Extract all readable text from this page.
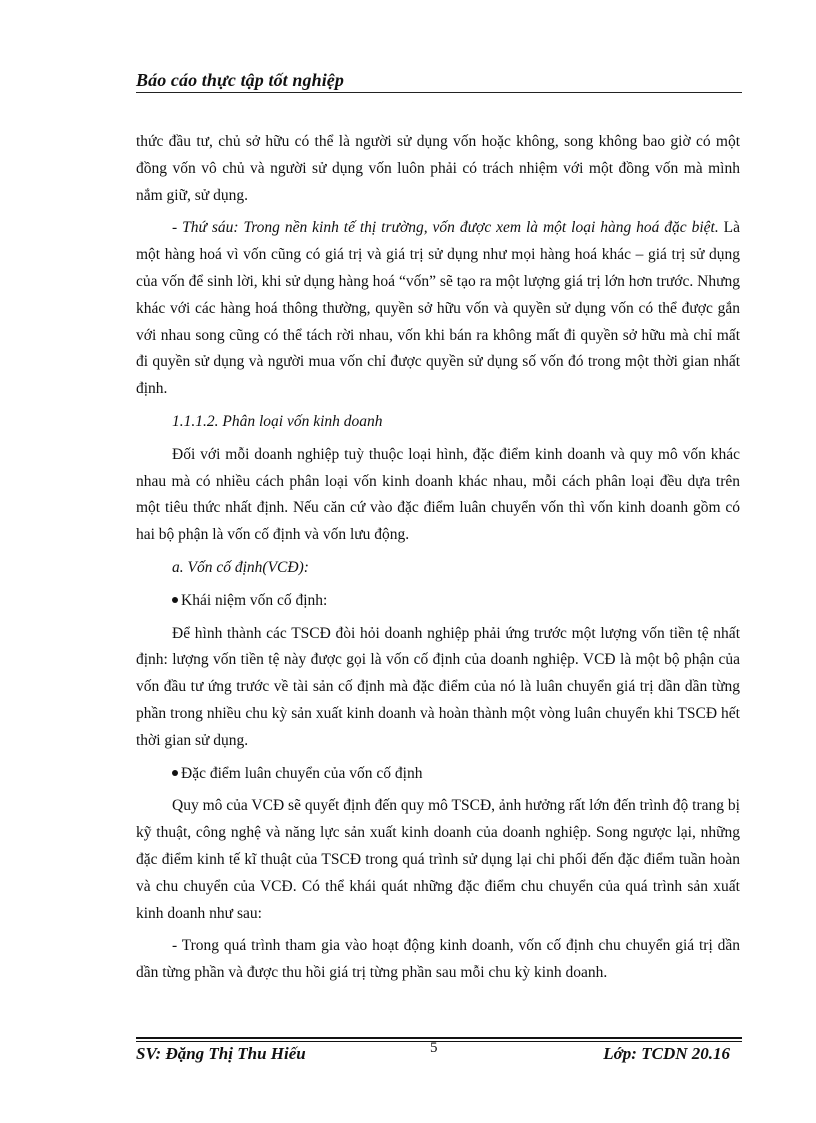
Báo cáo thực tập tốt nghiệp

thức đầu tư, chủ sở hữu có thể là người sử dụng vốn hoặc không, song không bao giờ có một đồng vốn vô chủ và người sử dụng vốn luôn phải có trách nhiệm với một đồng vốn mà mình nắm giữ, sử dụng.

- Thứ sáu: Trong nền kinh tế thị trường, vốn được xem là một loại hàng hoá đặc biệt. Là một hàng hoá vì vốn cũng có giá trị và giá trị sử dụng như mọi hàng hoá khác – giá trị sử dụng của vốn để sinh lời, khi sử dụng hàng hoá “vốn” sẽ tạo ra một lượng giá trị lớn hơn trước. Nhưng khác với các hàng hoá thông thường, quyền sở hữu vốn và quyền sử dụng vốn có thể được gắn với nhau song cũng có thể tách rời nhau, vốn khi bán ra không mất đi quyền sở hữu mà chỉ mất đi quyền sử dụng và người mua vốn chỉ được quyền sử dụng số vốn đó trong một thời gian nhất định.

1.1.1.2. Phân loại vốn kinh doanh

Đối với mỗi doanh nghiệp tuỳ thuộc loại hình, đặc điểm kinh doanh và quy mô vốn khác nhau mà có nhiều cách phân loại vốn kinh doanh khác nhau, mỗi cách phân loại đều dựa trên một tiêu thức nhất định. Nếu căn cứ vào đặc điểm luân chuyển vốn thì vốn kinh doanh gồm có hai bộ phận là vốn cố định và vốn lưu động.

a. Vốn cố định(VCĐ):

Khái niệm vốn cố định:

Để hình thành các TSCĐ đòi hỏi doanh nghiệp phải ứng trước một lượng vốn tiền tệ nhất định: lượng vốn tiền tệ này được gọi là vốn cố định của doanh nghiệp. VCĐ là một bộ phận của vốn đầu tư ứng trước về tài sản cố định mà đặc điểm của nó là luân chuyển giá trị dần dần từng phần trong nhiều chu kỳ sản xuất kinh doanh và hoàn thành một vòng luân chuyển khi TSCĐ hết thời gian sử dụng.

Đặc điểm luân chuyển của vốn cố định

Quy mô của VCĐ sẽ quyết định đến quy mô TSCĐ, ảnh hưởng rất lớn đến trình độ trang bị kỹ thuật, công nghệ và năng lực sản xuất kinh doanh của doanh nghiệp. Song ngược lại, những đặc điểm kinh tế kĩ thuật của TSCĐ trong quá trình sử dụng lại chi phối đến đặc điểm tuần hoàn và chu chuyển của VCĐ. Có thể khái quát những đặc điểm chu chuyển của quá trình sản xuất kinh doanh như sau:

- Trong quá trình tham gia vào hoạt động kinh doanh, vốn cố định chu chuyển giá trị dần dần từng phần và được thu hồi giá trị từng phần sau mỗi chu kỳ kinh doanh.

SV: Đặng Thị Thu Hiếu	5	Lớp: TCDN 20.16
